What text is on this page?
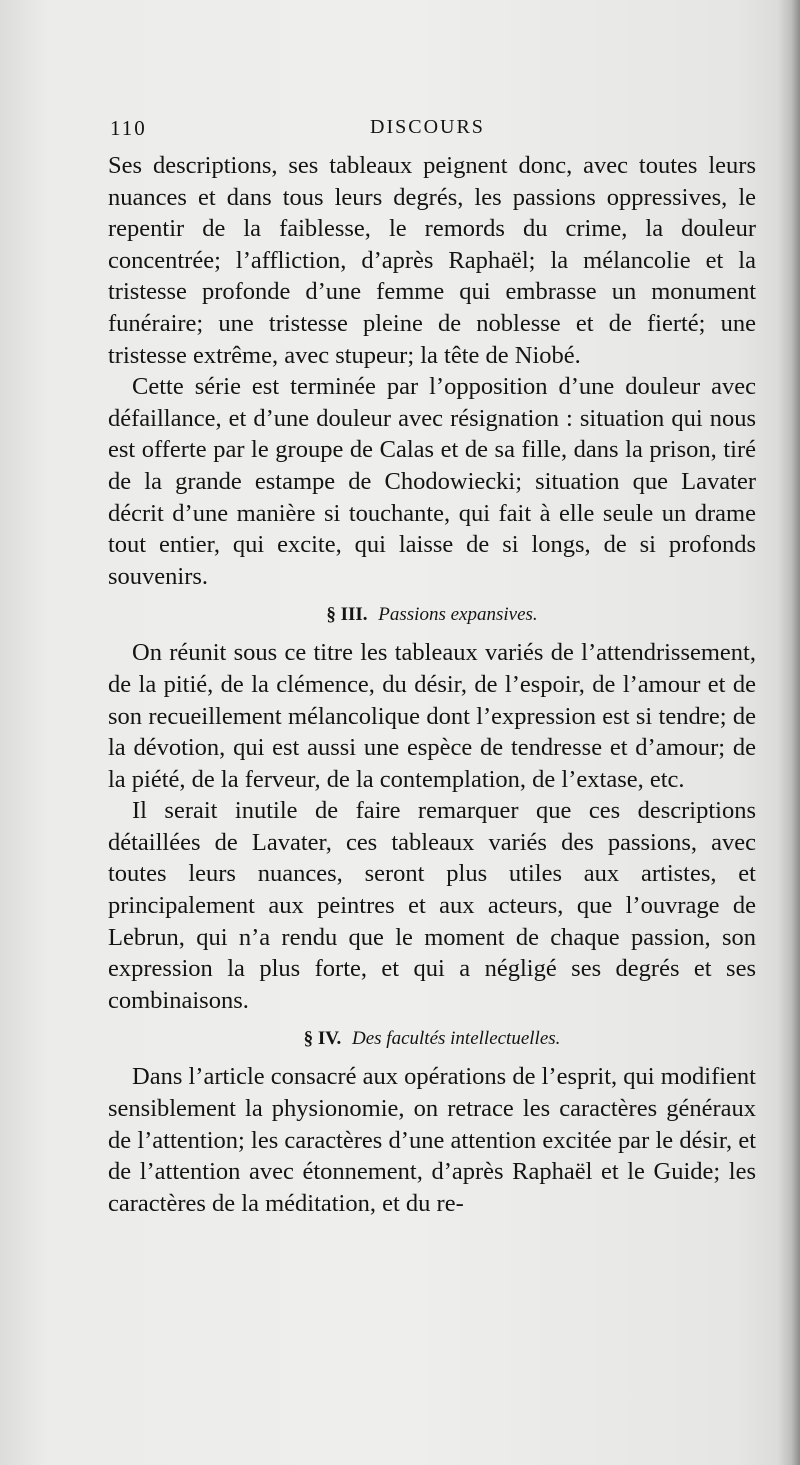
110	DISCOURS

Ses descriptions, ses tableaux peignent donc, avec toutes leurs nuances et dans tous leurs degrés, les passions oppressives, le repentir de la faiblesse, le remords du crime, la douleur concentrée; l’affliction, d’après Raphaël; la mélancolie et la tristesse profonde d’une femme qui embrasse un monument funéraire; une tristesse pleine de noblesse et de fierté; une tristesse extrême, avec stupeur; la tête de Niobé.

Cette série est terminée par l’opposition d’une douleur avec défaillance, et d’une douleur avec résignation : situation qui nous est offerte par le groupe de Calas et de sa fille, dans la prison, tiré de la grande estampe de Chodowiecki; situation que Lavater décrit d’une manière si touchante, qui fait à elle seule un drame tout entier, qui excite, qui laisse de si longs, de si profonds souvenirs.

§ III. Passions expansives.

On réunit sous ce titre les tableaux variés de l’attendrissement, de la pitié, de la clémence, du désir, de l’espoir, de l’amour et de son recueillement mélancolique dont l’expression est si tendre; de la dévotion, qui est aussi une espèce de tendresse et d’amour; de la piété, de la ferveur, de la contemplation, de l’extase, etc.

Il serait inutile de faire remarquer que ces descriptions détaillées de Lavater, ces tableaux variés des passions, avec toutes leurs nuances, seront plus utiles aux artistes, et principalement aux peintres et aux acteurs, que l’ouvrage de Lebrun, qui n’a rendu que le moment de chaque passion, son expression la plus forte, et qui a négligé ses degrés et ses combinaisons.

§ IV. Des facultés intellectuelles.

Dans l’article consacré aux opérations de l’esprit, qui modifient sensiblement la physionomie, on retrace les caractères généraux de l’attention; les caractères d’une attention excitée par le désir, et de l’attention avec étonnement, d’après Raphaël et le Guide; les caractères de la méditation, et du re-
